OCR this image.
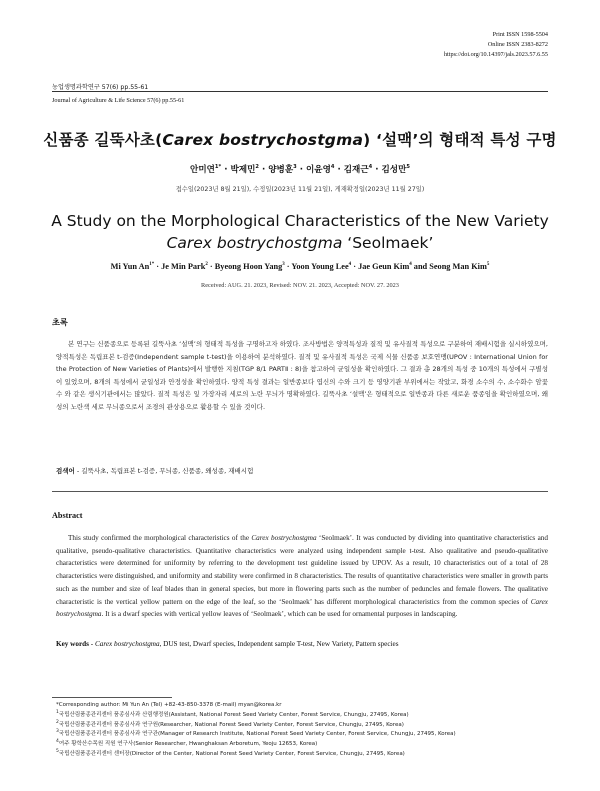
Print ISSN 1598-5504
Online ISSN 2383-8272
https://doi.org/10.14397/jals.2023.57.6.55
농업생명과학연구 57(6) pp.55-61
Journal of Agriculture & Life Science 57(6) pp.55-61
신품종 길뚝사초(Carex bostrychostgma) ‘설맥’의 형태적 특성 구명
안미연$^{1*}$ · 박제민$^2$ · 양병훈$^3$ · 이윤영$^4$ · 김재근$^4$ · 김성만$^5$
접수일(2023년 8월 21일), 수정일(2023년 11월 21일), 게재확정일(2023년 11월 27일)
A Study on the Morphological Characteristics of the New Variety
Carex bostrychostgma ‘Seolmaek’
Mi Yun $An^{1*} \cdot Je$ Min Park$^2$ · Byeong Hoon Yang$^3$ · Yoon Young Lee$^4$ · Jae Geun Kim$^4$ and Seong Man Kim$^5$
Received: AUG. 21. 2023, Revised: NOV. 21. 2023, Accepted: NOV. 27. 2023
초록
본 연구는 신품종으로 등록된 길뚝사초 ‘설맥’의 형태적 특성을 구명하고자 하였다. 조사방법은 양적특성과 질적 및 유사질적 특성으로 구분하여 재배시험을 실시하였으며, 양적특성은 독립표본 t-검증(Independent sample t-test)을 이용하여 분석하였다. 질적 및 유사질적 특성은 국제 식물 신품종 보호연맹(UPOV : International Union for the Protection of New Varieties of Plants)에서 발행한 지침(TGP 8/1 PARTⅡ : 8)을 참고하여 균일성을 확인하였다. 그 결과 총 28개의 특성 중 10개의 특성에서 구별성이 있었으며, 8개의 특성에서 균일성과 안정성을 확인하였다. 양적 특성 결과는 일반종보다 엽신의 수와 크기 등 영양기관 부위에서는 작았고, 화경 소수의 수, 소수화수 암꽃 수 와 같은 생식기관에서는 많았다. 질적 특성은 잎 가장자리 세로의 노란 무늬가 명확하였다. 길뚝사초 ‘설맥’은 형태적으로 일반종과 다른 새로운 품종임을 확인하였으며, 왜성의 노란색 세로 무늬종으로서 조경의 관상용으로 활용할 수 있을 것이다.
검색어 - 길뚝사초, 독립표본 t-검증, 무늬종, 신품종, 왜성종, 재배시험
Abstract
This study confirmed the morphological characteristics of the Carex bostrychostgma ‘Seolmaek’. It was conducted by dividing into quantitative characteristics and qualitative, pseudo-qualitative characteristics. Quantitative characteristics were analyzed using independent sample t-test. Also qualitative and pseudo-qualitative characteristics were determined for uniformity by referring to the development test guideline issued by UPOV. As a result, 10 characteristics out of a total of 28 characteristics were distinguished, and uniformity and stability were confirmed in 8 characteristics. The results of quantitative characteristics were smaller in growth parts such as the number and size of leaf blades than in general species, but more in flowering parts such as the number of peduncles and female flowers. The qualitative characteristic is the vertical yellow pattern on the edge of the leaf, so the ‘Seolmaek’ has different morphological characteristics from the common species of Carex bostrychostgma. It is a dwarf species with vertical yellow leaves of ‘Seolmaek’, which can be used for ornamental purposes in landscaping.
Key words - Carex bostrychostgma, DUS test, Dwarf species, Independent sample T-test, New Variety, Pattern species
*Corresponding author: Mi Yun An (Tel) +82-43-850-3378 (E-mail) myan@korea.kr
$^1$국립산림품종관리센터 품종심사과 산림행정원(Assistant, National Forest Seed Variety Center, Forest Service, Chungju, 27495, Korea)
$^2$국립산림품종관리센터 품종심사과 연구원(Researcher, National Forest Seed Variety Center, Forest Service, Chungju, 27495, Korea)
$^3$국립산림품종관리센터 품종심사과 연구관(Manager of Research Institute, National Forest Seed Variety Center, Forest Service, Chungju, 27495, Korea)
$^4$여주 황학산수목원 직원 연구사(Senior Researcher, Hwanghaksan Arboretum, Yeoju 12653, Korea)
$^5$국립산림품종관리센터 센터장(Director of the Center, National Forest Seed Variety Center, Forest Service, Chungju, 27495, Korea)
